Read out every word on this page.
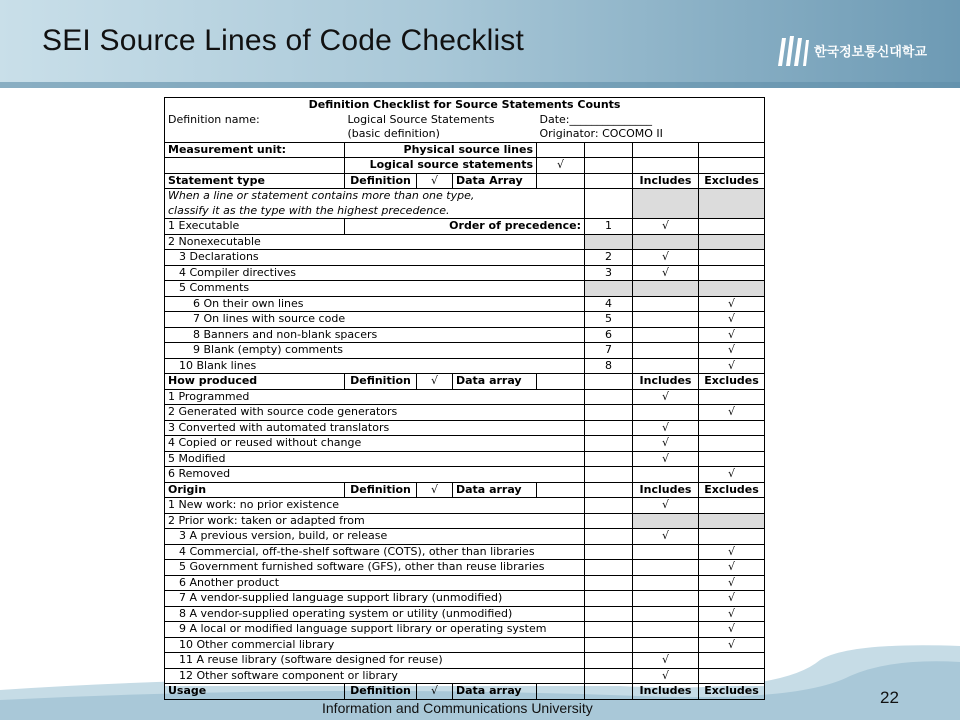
SEI Source Lines of Code Checklist	한국정보통신대학교
Information and Communications University
22
Definition Checklist for Source Statements Counts							
Definition name:	Logical Source Statements			Date:_______________			
	(basic definition)			Originator: COCOMO II			
Measurement unit:	Physical source lines						
	Logical source statements			√			
Statement type	Definition	√	Data Array			Includes	Excludes
When a line or statement contains more than one type,							
classify it as the type with the highest precedence.							
1 Executable	Order of precedence:				1	√	
2 Nonexecutable							
3 Declarations					2	√	
4 Compiler directives					3	√	
5 Comments							
6 On their own lines					4		√
7 On lines with source code					5		√
8 Banners and non-blank spacers					6		√
9 Blank (empty) comments					7		√
10 Blank lines					8		√
How produced	Definition	√	Data array			Includes	Excludes
1 Programmed						√	
2 Generated with source code generators							√
3 Converted with automated translators						√	
4 Copied or reused without change						√	
5 Modified						√	
6 Removed							√
Origin	Definition	√	Data array			Includes	Excludes
1 New work: no prior existence						√	
2 Prior work: taken or adapted from							
3 A previous version, build, or release						√	
4 Commercial, off-the-shelf software (COTS), other than libraries							√
5 Government furnished software (GFS), other than reuse libraries							√
6 Another product							√
7 A vendor-supplied language support library (unmodified)							√
8 A vendor-supplied operating system or utility (unmodified)							√
9 A local or modified language support library or operating system							√
10 Other commercial library							√
11 A reuse library (software designed for reuse)						√	
12 Other software component or library						√	
Usage	Definition	√	Data array			Includes	Excludes
